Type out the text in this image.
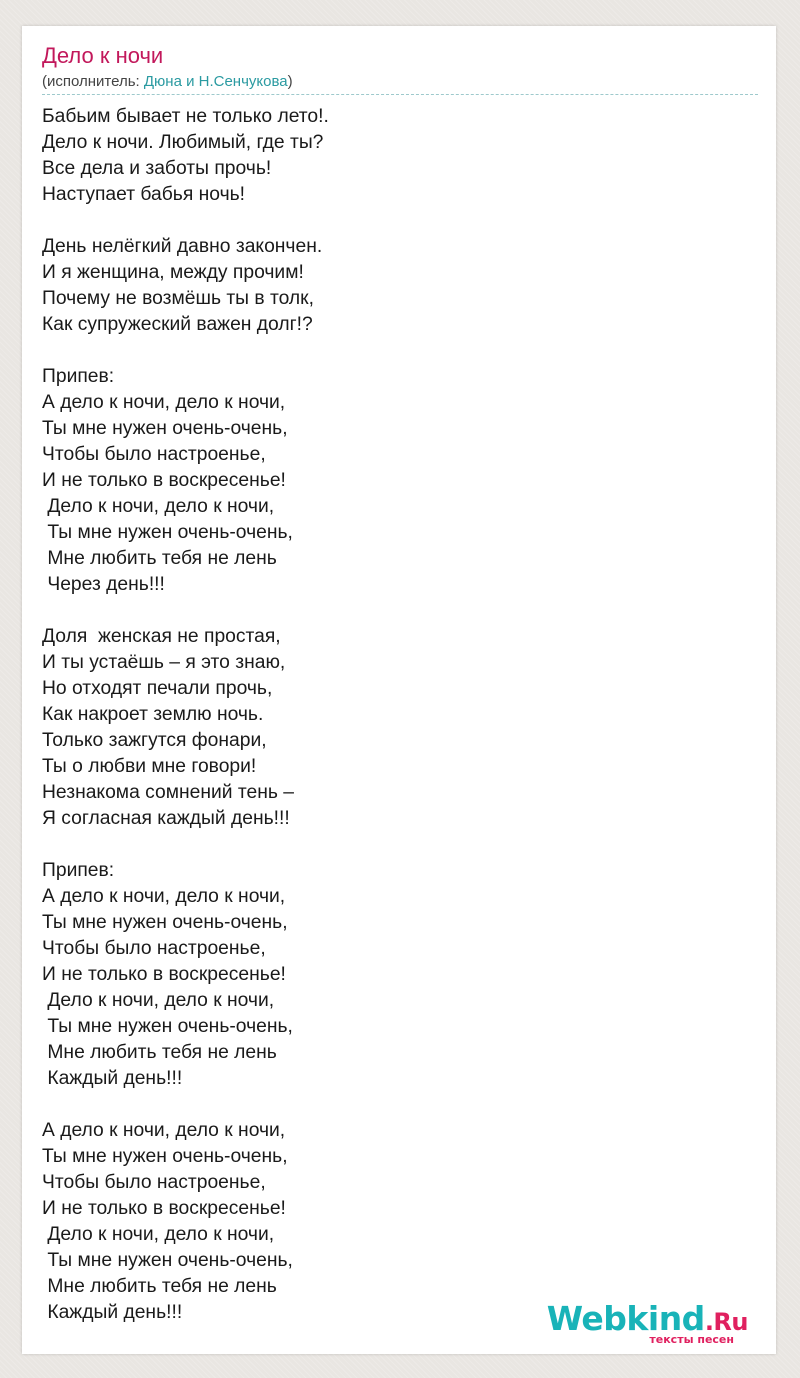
Дело к ночи
(исполнитель: Дюна и Н.Сенчукова)
Бабьим бывает не только лето!.
Дело к ночи. Любимый, где ты?
Все дела и заботы прочь!
Наступает бабья ночь!
День нелёгкий давно закончен.
И я женщина, между прочим!
Почему не возмёшь ты в толк,
Как супружеский важен долг!?
Припев:
А дело к ночи, дело к ночи,
Ты мне нужен очень-очень,
Чтобы было настроенье,
И не только в воскресенье!
Дело к ночи, дело к ночи,
Ты мне нужен очень-очень,
Мне любить тебя не лень
Через день!!!
Доля  женская не простая,
И ты устаёшь – я это знаю,
Но отходят печали прочь,
Как накроет землю ночь.
Только зажгутся фонари,
Ты о любви мне говори!
Незнакома сомнений тень –
Я согласная каждый день!!!
Припев:
А дело к ночи, дело к ночи,
Ты мне нужен очень-очень,
Чтобы было настроенье,
И не только в воскресенье!
Дело к ночи, дело к ночи,
Ты мне нужен очень-очень,
Мне любить тебя не лень
Каждый день!!!
А дело к ночи, дело к ночи,
Ты мне нужен очень-очень,
Чтобы было настроенье,
И не только в воскресенье!
Дело к ночи, дело к ночи,
Ты мне нужен очень-очень,
Мне любить тебя не лень
Каждый день!!!	Webkind.Ru
тексты песен
